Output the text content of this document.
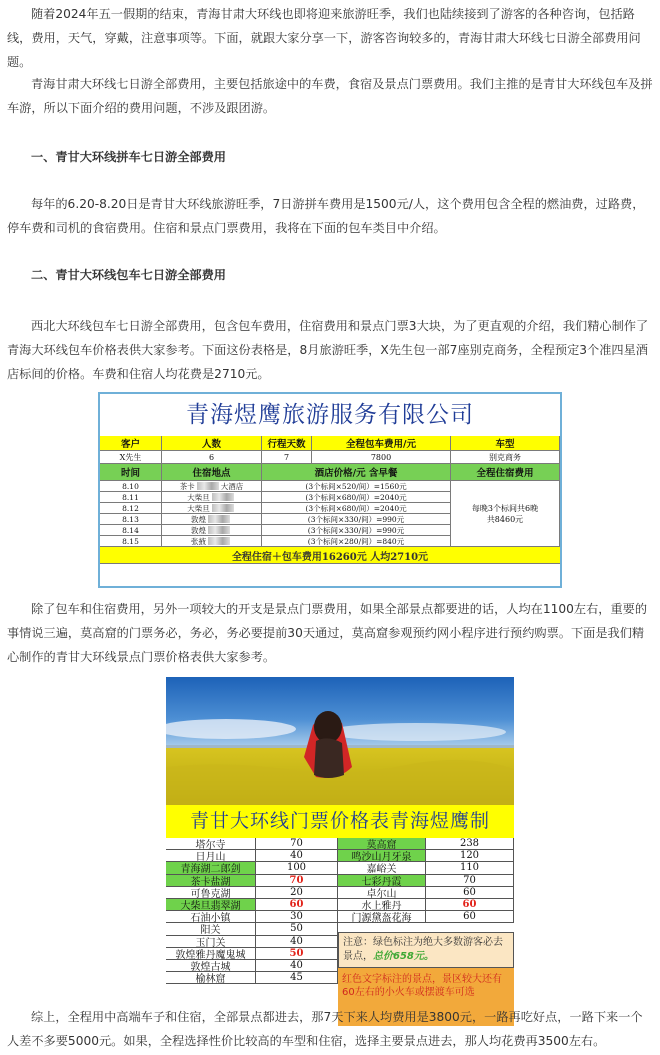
随着2024年五一假期的结束，青海甘肃大环线也即将迎来旅游旺季，我们也陆续接到了游客的各种咨询，包括路线，费用，天气，穿戴，注意事项等。下面，就跟大家分享一下，游客咨询较多的，青海甘肃大环线七日游全部费用问题。
青海甘肃大环线七日游全部费用，主要包括旅途中的车费，食宿及景点门票费用。我们主推的是青甘大环线包车及拼车游，所以下面介绍的费用问题，不涉及跟团游。
一、青甘大环线拼车七日游全部费用
每年的6.20-8.20日是青甘大环线旅游旺季，7日游拼车费用是1500元/人，这个费用包含全程的燃油费，过路费，停车费和司机的食宿费用。住宿和景点门票费用，我将在下面的包车类目中介绍。
二、青甘大环线包车七日游全部费用
西北大环线包车七日游全部费用，包含包车费用，住宿费用和景点门票3大块，为了更直观的介绍，我们精心制作了青海大环线包车价格表供大家参考。下面这份表格是，8月旅游旺季，X先生包一部7座别克商务，全程预定3个准四星酒店标间的价格。车费和住宿人均花费是2710元。
青海煜鹰旅游服务有限公司
客户	人数	行程天数	全程包车费用/元	车型
X先生	6	7	7800	别克商务
时间	住宿地点	酒店价格/元 含早餐	全程住宿费用
8.10	茶卡	大酒店	(3个标间×520/间）=1560元
8.11	大柴旦	(3个标间×680/间）=2040元
8.12	大柴旦	(3个标间×680/间）=2040元
8.13	敦煌	(3个标间×330/间）=990元
8.14	敦煌	(3个标间×330/间）=990元
8.15	张掖	(3个标间×280/间）=840元
每晚3个标间共6晚
共8460元
全程住宿＋包车费用16260元 人均2710元
除了包车和住宿费用，另外一项较大的开支是景点门票费用，如果全部景点都要进的话，人均在1100左右，重要的事情说三遍，莫高窟的门票务必，务必，务必要提前30天通过，莫高窟参观预约网小程序进行预约购票。下面是我们精心制作的青甘大环线景点门票价格表供大家参考。
青甘大环线门票价格表青海煜鹰制
塔尔寺	70	莫高窟	238
日月山	40	鸣沙山月牙泉	120
青海湖二郎剑	100	嘉峪关	110
茶卡盐湖	70	七彩丹霞	70
可鲁克湖	20	卓尔山	60
大柴旦翡翠湖	60	水上雅丹	60
石油小镇	30	门源黛盔花海	60
阳关	50
玉门关	40
敦煌雅丹魔鬼城	50
敦煌古城	40
榆林窟	45
注意：绿色标注为绝大多数游客必去景点，总价658元。
红色文字标注的景点，景区较大还有60左右的小火车或摆渡车可选
综上，全程用中高端车子和住宿，全部景点都进去，那7天下来人均费用是3800元，一路再吃好点，一路下来一个人差不多要5000元。如果，全程选择性价比较高的车型和住宿，选择主要景点进去，那人均花费再3500左右。
